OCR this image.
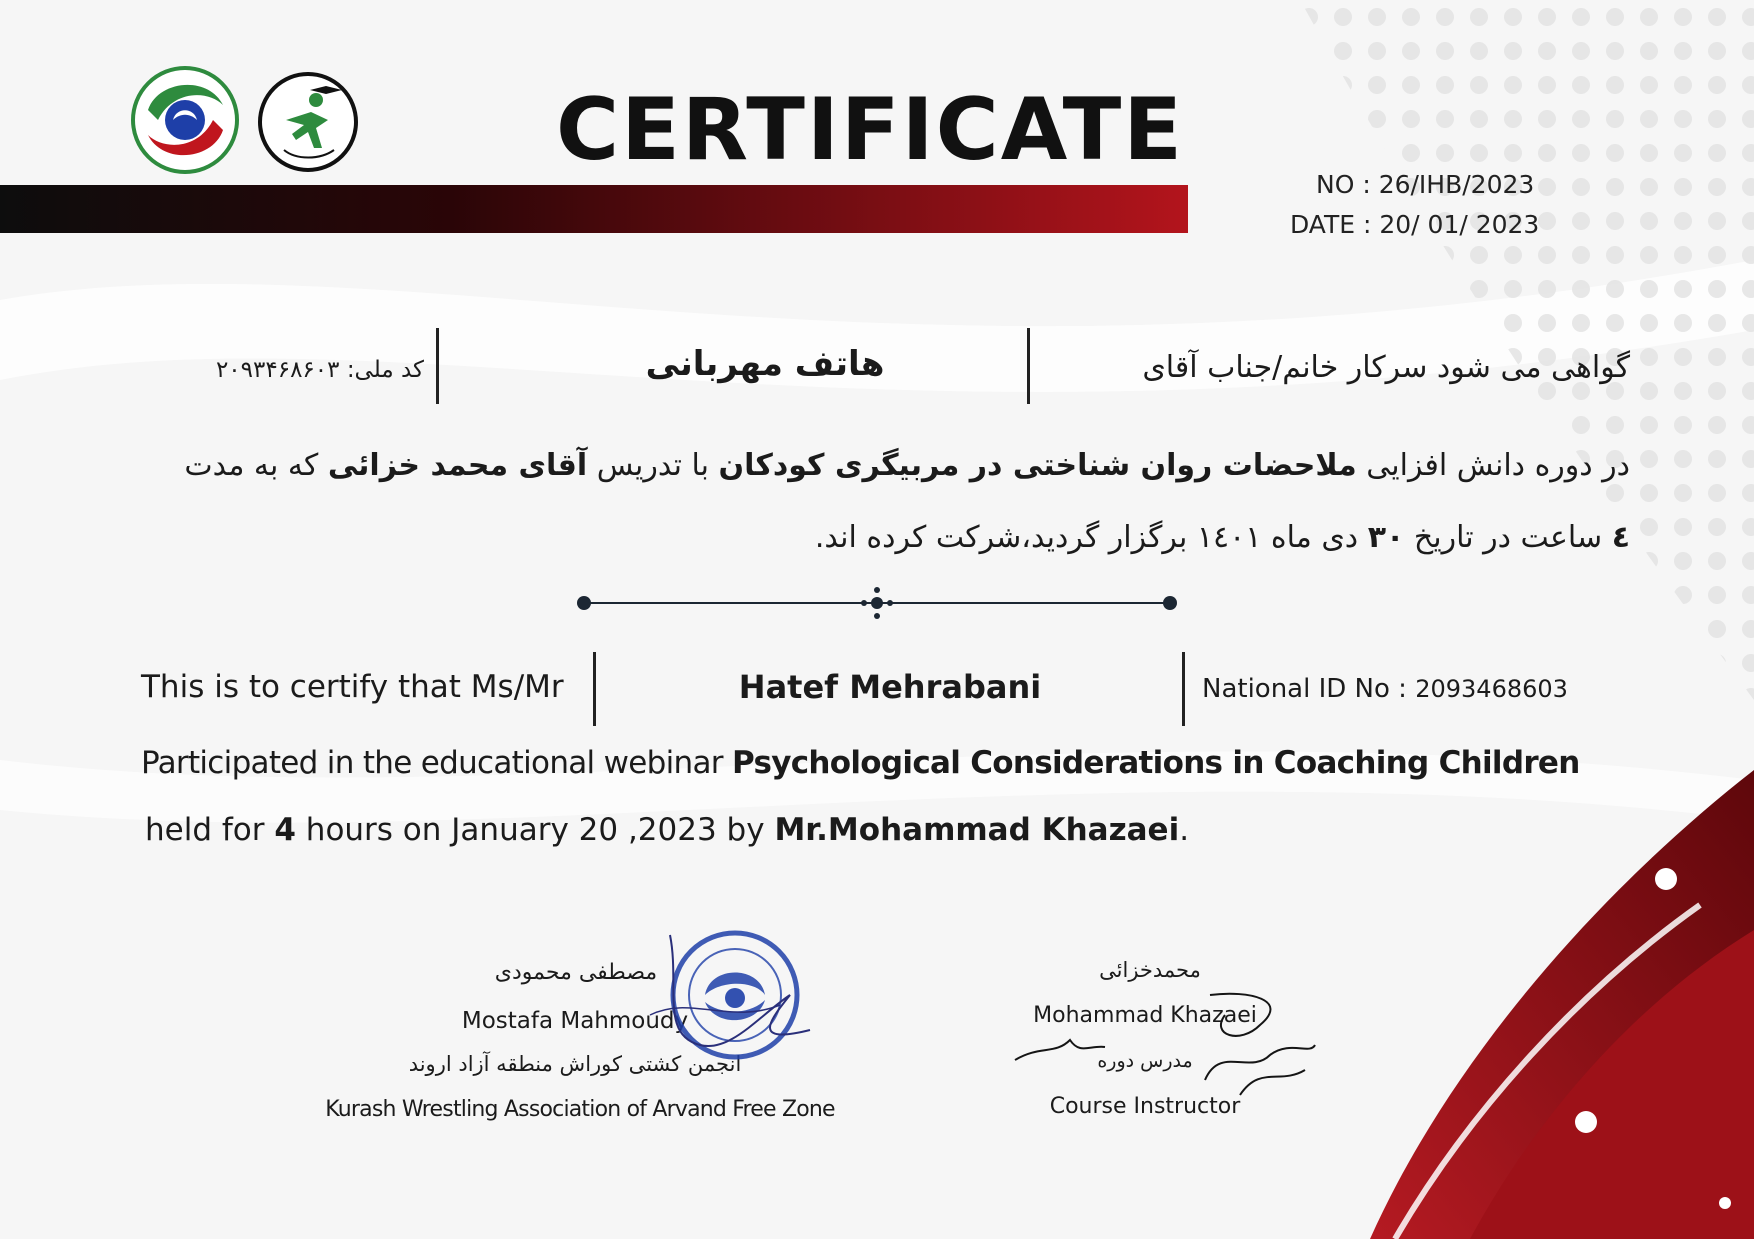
CERTIFICATE
NO : 26/IHB/2023
DATE : 20/ 01/ 2023
گواهی می شود سرکار خانم/جناب آقای
هاتف مهربانی
کد ملی: ۲۰۹۳۴۶۸۶۰۳
در دوره دانش افزایی ملاحضات روان شناختی در مربیگری کودکان با تدریس آقای محمد خزائی که به مدت
٤ ساعت در تاریخ ۳۰ دی ماه ۱٤۰۱ برگزار گردید،شرکت کرده اند.
This is to certify that Ms/Mr	Hatef Mehrabani	National ID No : 2093468603
Participated in the educational webinar Psychological Considerations in Coaching Children
held for 4 hours on January 20 ,2023 by Mr.Mohammad Khazaei.
مصطفی محمودی
Mostafa Mahmoudy
انجمن کشتی کوراش منطقه آزاد اروند
Kurash Wrestling Association of Arvand Free Zone
محمدخزائی
Mohammad Khazaei
مدرس دوره
Course Instructor
